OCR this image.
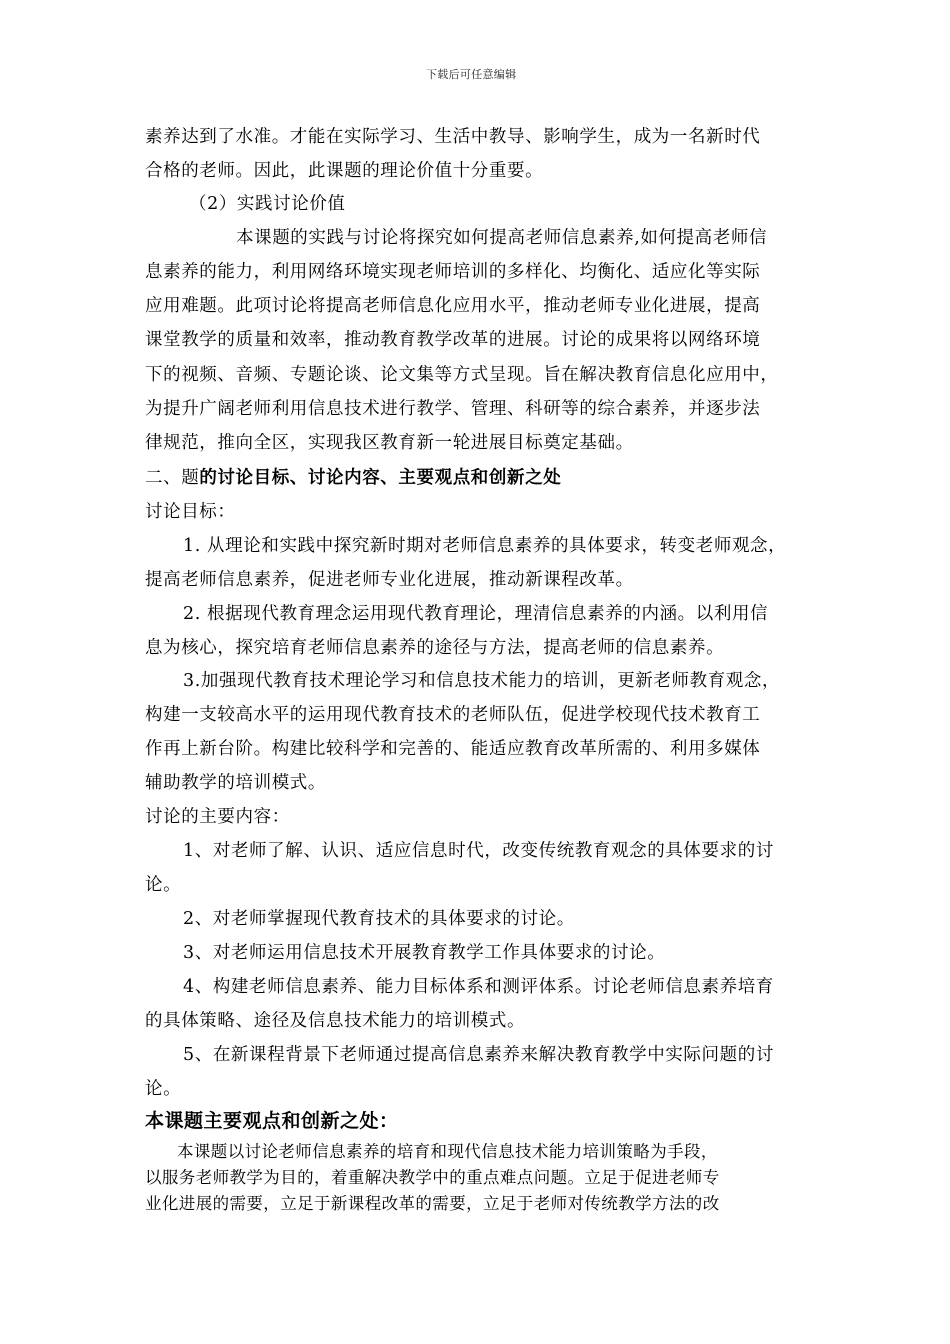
下载后可任意编辑
素养达到了水准。才能在实际学习、生活中教导、影响学生，成为一名新时代
合格的老师。因此，此课题的理论价值十分重要。
（2）实践讨论价值
本课题的实践与讨论将探究如何提高老师信息素养,如何提高老师信
息素养的能力，利用网络环境实现老师培训的多样化、均衡化、适应化等实际
应用难题。此项讨论将提高老师信息化应用水平，推动老师专业化进展，提高
课堂教学的质量和效率，推动教育教学改革的进展。讨论的成果将以网络环境
下的视频、音频、专题论谈、论文集等方式呈现。旨在解决教育信息化应用中，
为提升广阔老师利用信息技术进行教学、管理、科研等的综合素养，并逐步法
律规范，推向全区，实现我区教育新一轮进展目标奠定基础。
二、题的讨论目标、讨论内容、主要观点和创新之处
讨论目标：
1. 从理论和实践中探究新时期对老师信息素养的具体要求，转变老师观念，
提高老师信息素养，促进老师专业化进展，推动新课程改革。
2. 根据现代教育理念运用现代教育理论，理清信息素养的内涵。以利用信
息为核心，探究培育老师信息素养的途径与方法，提高老师的信息素养。
3.加强现代教育技术理论学习和信息技术能力的培训，更新老师教育观念，
构建一支较高水平的运用现代教育技术的老师队伍，促进学校现代技术教育工
作再上新台阶。构建比较科学和完善的、能适应教育改革所需的、利用多媒体
辅助教学的培训模式。
讨论的主要内容：
1、对老师了解、认识、适应信息时代，改变传统教育观念的具体要求的讨
论。
2、对老师掌握现代教育技术的具体要求的讨论。
3、对老师运用信息技术开展教育教学工作具体要求的讨论。
4、构建老师信息素养、能力目标体系和测评体系。讨论老师信息素养培育
的具体策略、途径及信息技术能力的培训模式。
5、在新课程背景下老师通过提高信息素养来解决教育教学中实际问题的讨
论。
本课题主要观点和创新之处：
本课题以讨论老师信息素养的培育和现代信息技术能力培训策略为手段，
以服务老师教学为目的，着重解决教学中的重点难点问题。立足于促进老师专
业化进展的需要，立足于新课程改革的需要，立足于老师对传统教学方法的改
